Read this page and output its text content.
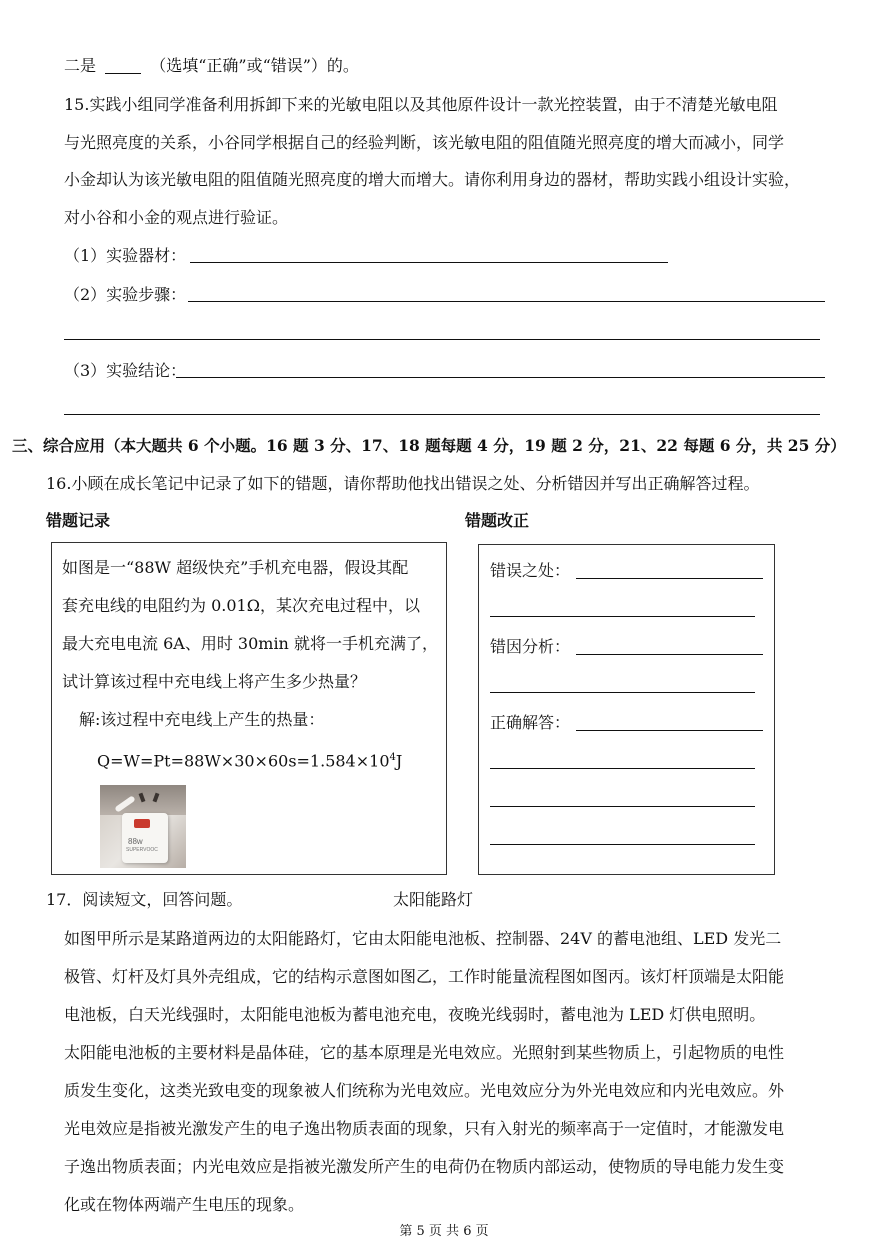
二是	（选填“正确”或“错误”）的。
15.实践小组同学准备利用拆卸下来的光敏电阻以及其他原件设计一款光控装置，由于不清楚光敏电阻
与光照亮度的关系，小谷同学根据自己的经验判断，该光敏电阻的阻值随光照亮度的增大而减小，同学
小金却认为该光敏电阻的阻值随光照亮度的增大而增大。请你利用身边的器材，帮助实践小组设计实验，
对小谷和小金的观点进行验证。
（1）实验器材：
（2）实验步骤：
（3）实验结论：
三、综合应用（本大题共 6 个小题。16 题 3 分、17、18 题每题 4 分，19 题 2 分，21、22 每题 6 分，共 25 分）
16.小顾在成长笔记中记录了如下的错题，请你帮助他找出错误之处、分析错因并写出正确解答过程。
错题记录	错题改正
如图是一“88W 超级快充”手机充电器，假设其配
套充电线的电阻约为 0.01Ω，某次充电过程中，以
最大充电电流 6A、用时 30min 就将一手机充满了，
试计算该过程中充电线上将产生多少热量？
解:该过程中充电线上产生的热量：
$Q=W=Pt=88W\times 30\times 60s=1.584\times 10^4J$
88w
SUPERVOOC
错误之处：
错因分析：
正确解答：
17．阅读短文，回答问题。	太阳能路灯
如图甲所示是某路道两边的太阳能路灯，它由太阳能电池板、控制器、24V 的蓄电池组、LED 发光二
极管、灯杆及灯具外壳组成，它的结构示意图如图乙，工作时能量流程图如图丙。该灯杆顶端是太阳能
电池板，白天光线强时，太阳能电池板为蓄电池充电，夜晚光线弱时，蓄电池为 LED 灯供电照明。
太阳能电池板的主要材料是晶体硅，它的基本原理是光电效应。光照射到某些物质上，引起物质的电性
质发生变化，这类光致电变的现象被人们统称为光电效应。光电效应分为外光电效应和内光电效应。外
光电效应是指被光激发产生的电子逸出物质表面的现象，只有入射光的频率高于一定值时，才能激发电
子逸出物质表面；内光电效应是指被光激发所产生的电荷仍在物质内部运动，使物质的导电能力发生变
化或在物体两端产生电压的现象。
第 5 页 共 6 页
